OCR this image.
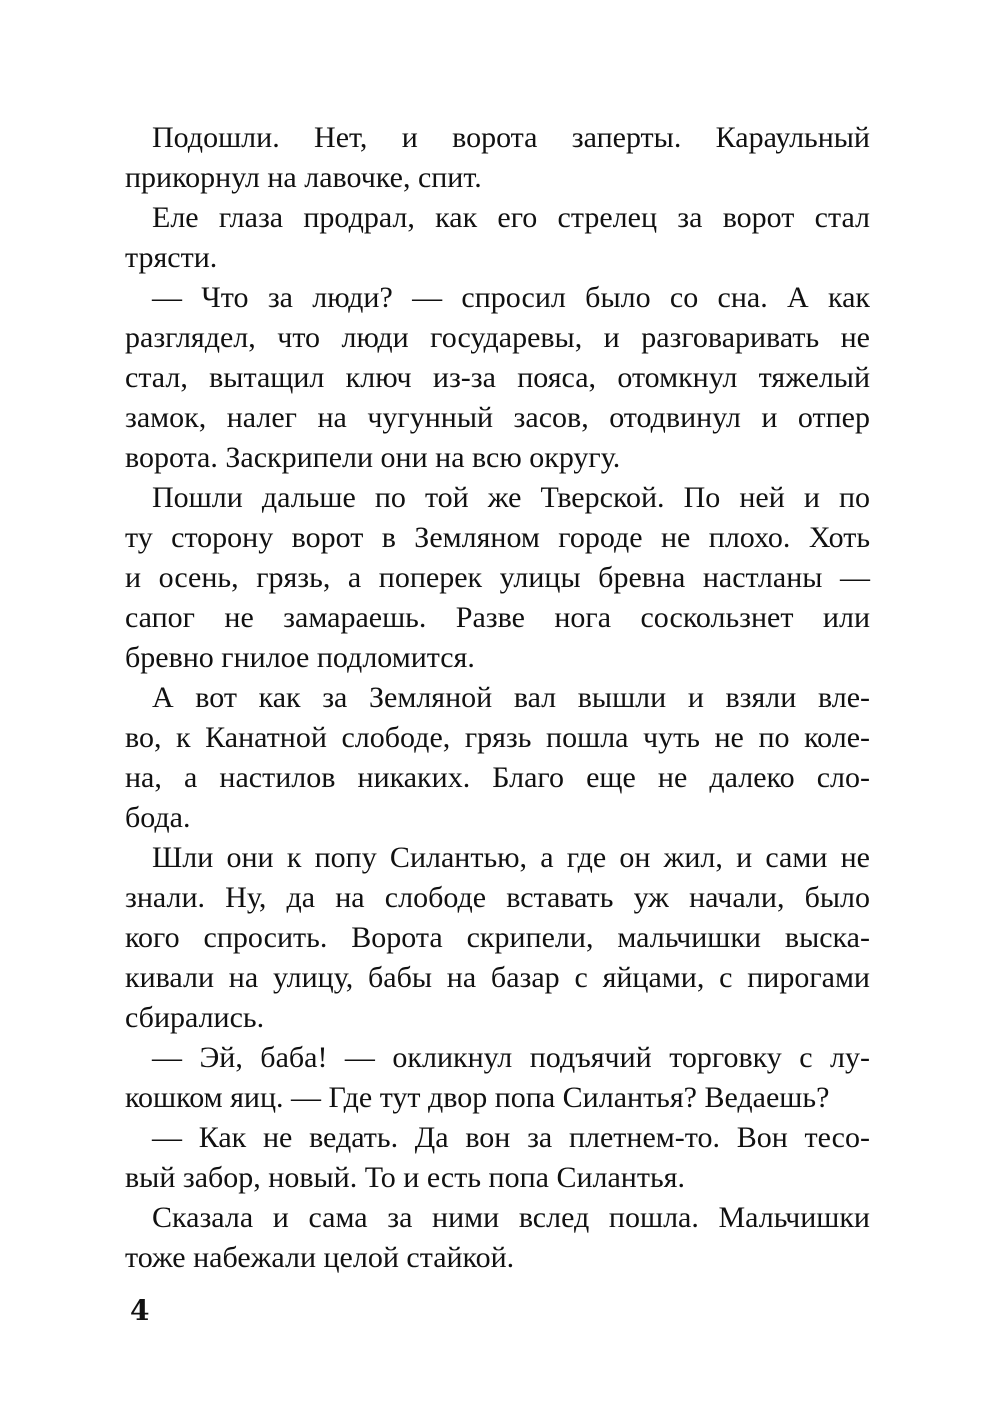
4
Подошли. Нет, и ворота заперты. Караульный
прикорнул на лавочке, спит.
Еле глаза продрал, как его стрелец за ворот стал
трясти.
— Что за люди? — спросил было со сна. А как
разглядел, что люди государевы, и разговаривать не
стал, вытащил ключ из-за пояса, отомкнул тяжелый
замок, налег на чугунный засов, отодвинул и отпер
ворота. Заскрипели они на всю округу.
Пошли дальше по той же Тверской. По ней и по
ту сторону ворот в Земляном городе не плохо. Хоть
и осень, грязь, а поперек улицы бревна настланы —
сапог не замараешь. Разве нога соскользнет или
бревно гнилое подломится.
А вот как за Земляной вал вышли и взяли вле-
во, к Канатной слободе, грязь пошла чуть не по коле-
на, а настилов никаких. Благо еще не далеко сло-
бода.
Шли они к попу Силантью, а где он жил, и сами не
знали. Ну, да на слободе вставать уж начали, было
кого спросить. Ворота скрипели, мальчишки выска-
кивали на улицу, бабы на базар с яйцами, с пирогами
сбирались.
— Эй, баба! — окликнул подъячий торговку с лу-
кошком яиц. — Где тут двор попа Силантья? Ведаешь?
— Как не ведать. Да вон за плетнем-то. Вон тесо-
вый забор, новый. То и есть попа Силантья.
Сказала и сама за ними вслед пошла. Мальчишки
тоже набежали целой стайкой.
